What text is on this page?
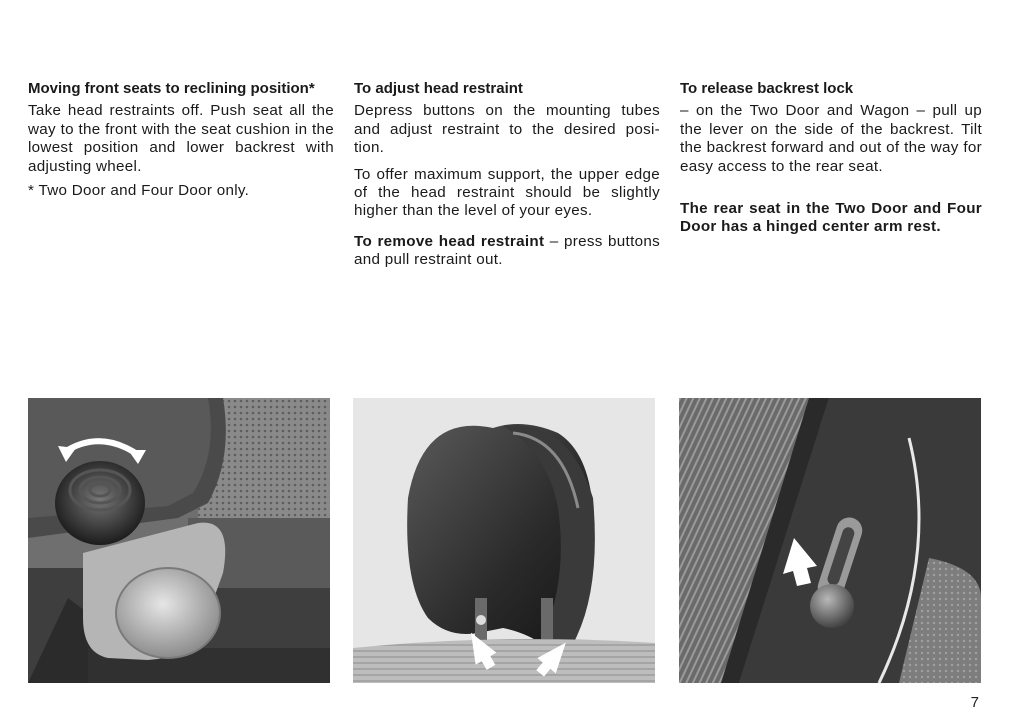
Moving front seats to reclining position*

Take head restraints off. Push seat all the way to the front with the seat cushion in the lowest position and lower backrest with adjusting wheel.

* Two Door and Four Door only.

To adjust head restraint

Depress buttons on the mounting tubes and adjust restraint to the desired posi- tion.

To offer maximum support, the upper edge of the head restraint should be slightly higher than the level of your eyes.

To remove head restraint – press buttons and pull restraint out.

To release backrest lock

– on the Two Door and Wagon – pull up the lever on the side of the backrest. Tilt the backrest forward and out of the way for easy access to the rear seat.

The rear seat in the Two Door and Four Door has a hinged center arm rest.

7
